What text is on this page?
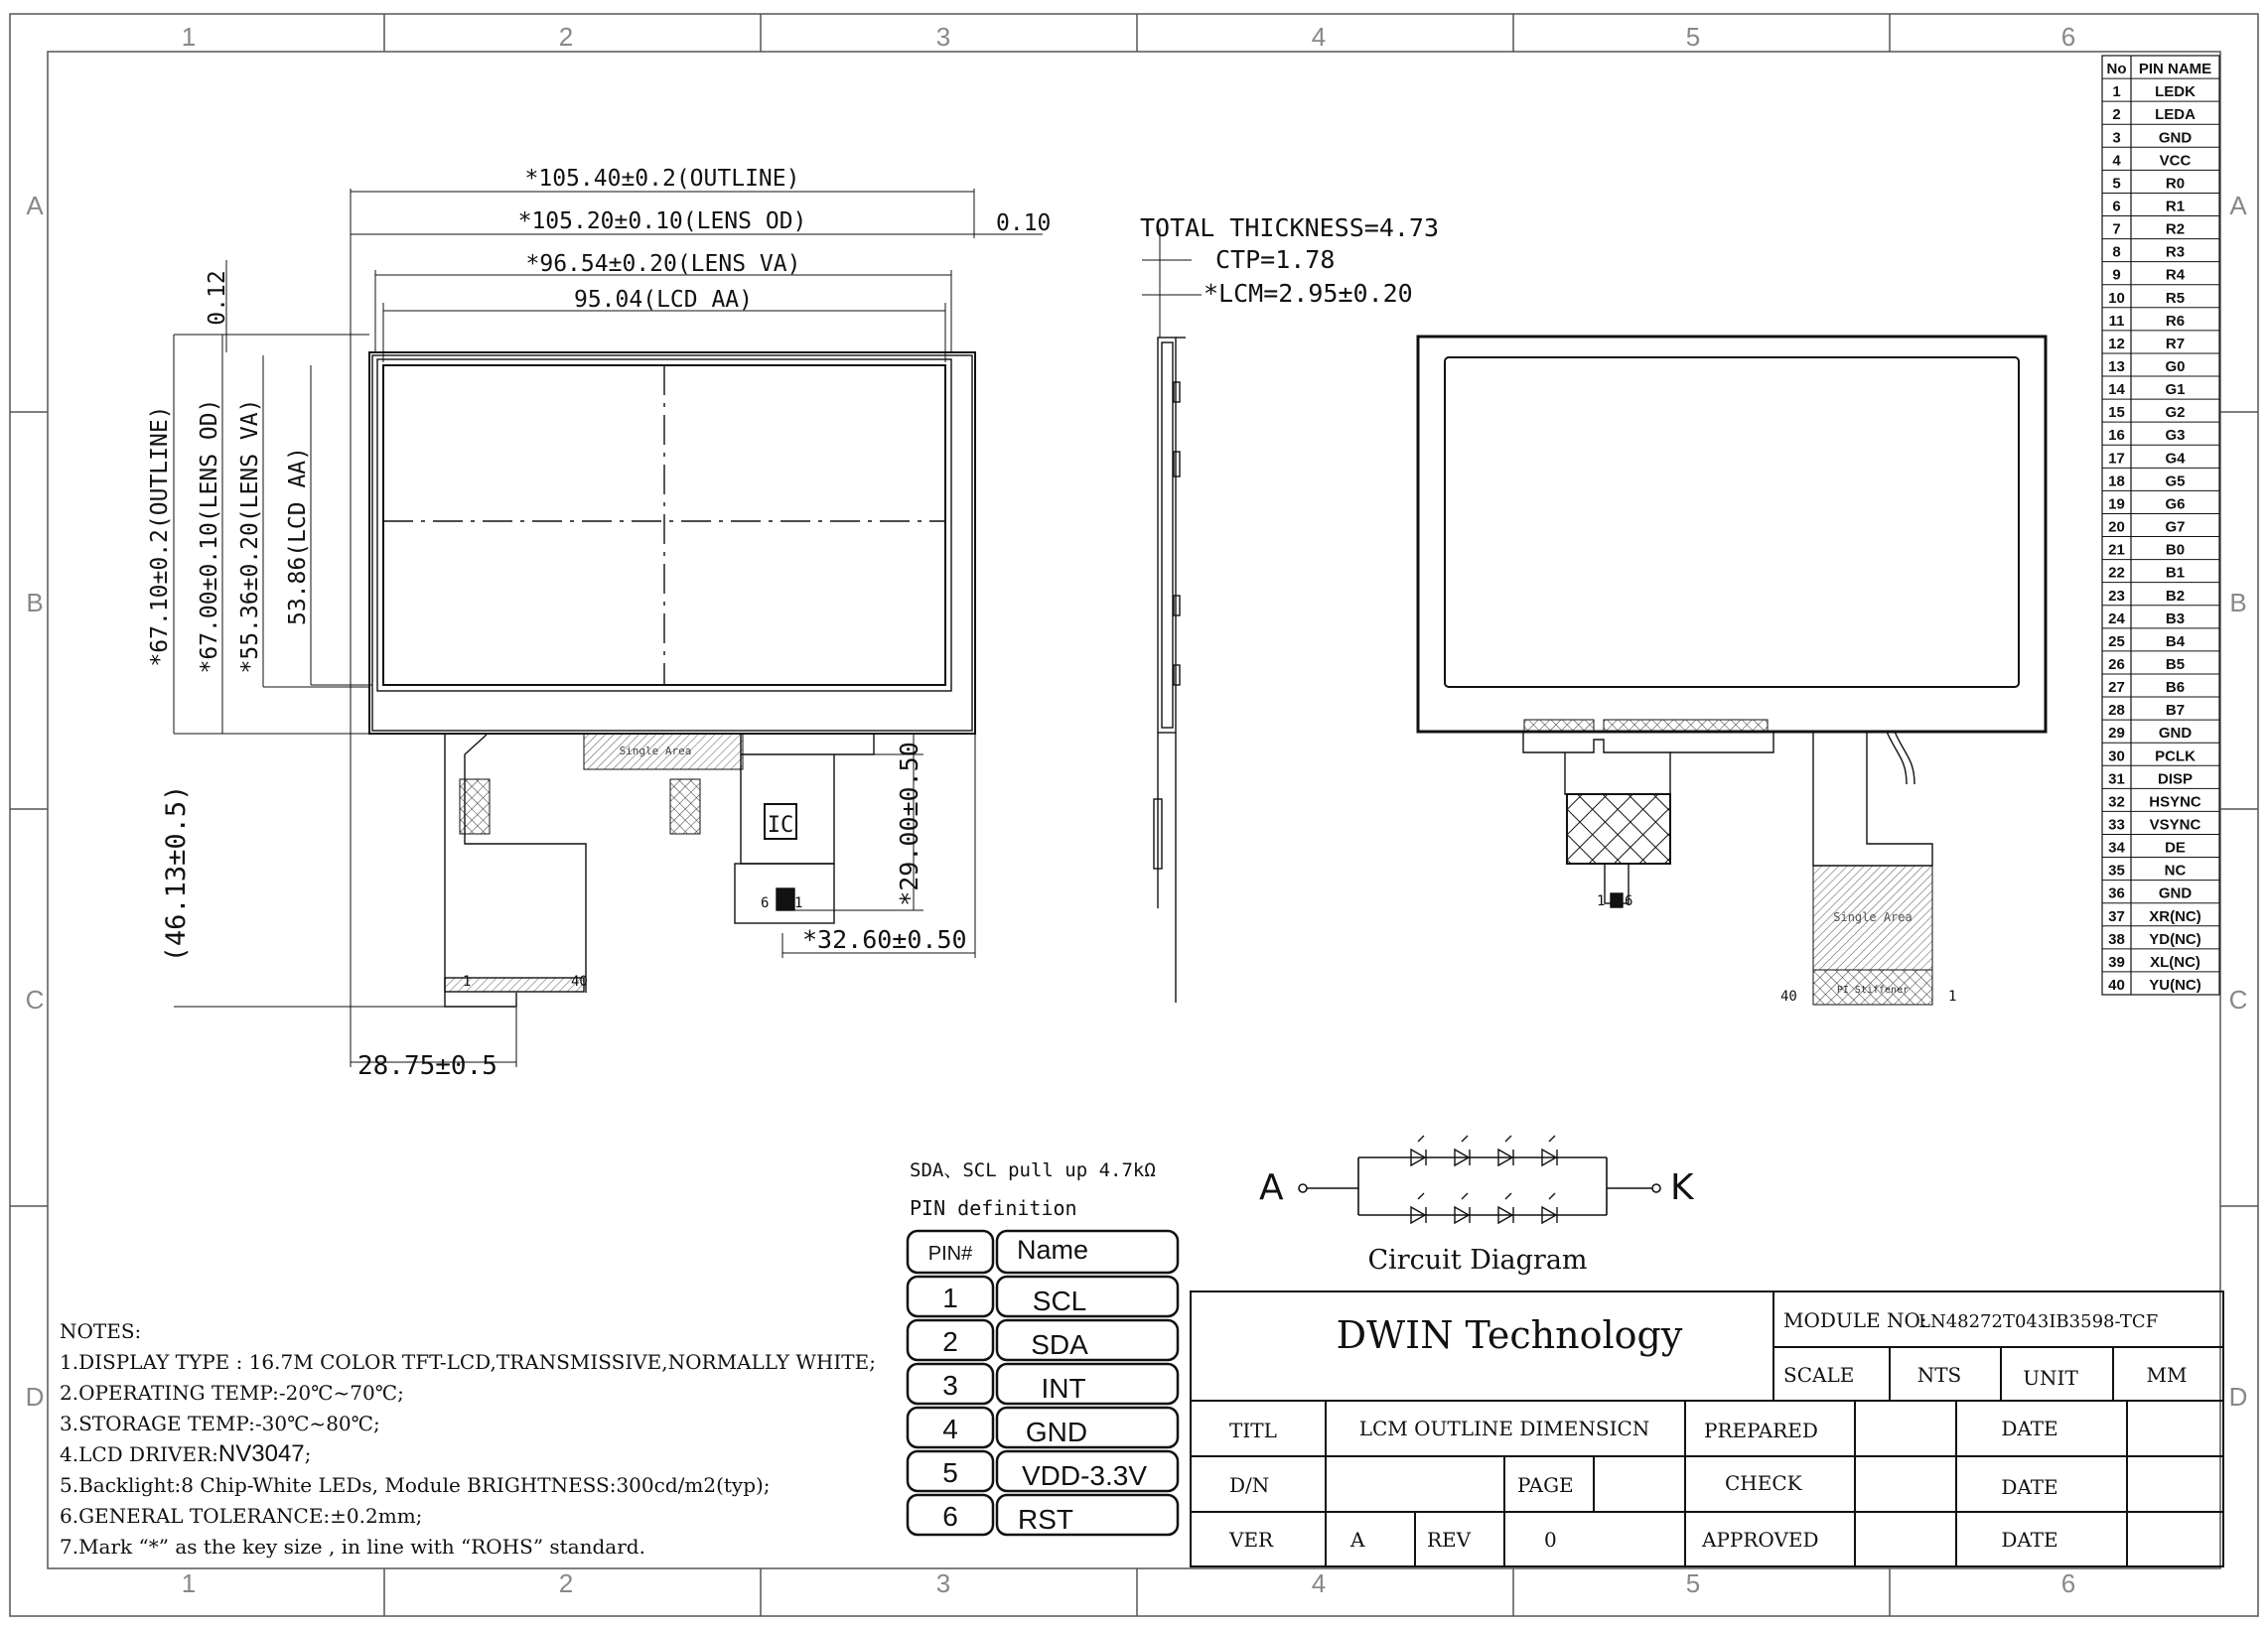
1	2	3	4	5	6
1	2	3	4	5	6
A
B
C
D
A
B
C
D
*105.40±0.2(OUTLINE)
*105.20±0.10(LENS OD)	0.10
*96.54±0.20(LENS VA)
95.04(LCD AA)
0.12
*67.10±0.2(OUTLINE) *67.00±0.10(LENS OD) *55.36±0.20(LENS VA) 53.86(LCD AA)
(46.13±0.5)
28.75±0.5
*29.00±0.50
*32.60±0.50
IC
Single Area
1	40
6 1
TOTAL THICKNESS=4.73
CTP=1.78
*LCM=2.95±0.20
Single Area
PI Stiffener
40	1
1 6
No PIN NAME
1 LEDK
2 LEDA
3	GND
4	VCC
5	R0
6	R1
7	R2
8	R3
9	R4
10	R5
11	R6
12	R7
13	G0
14	G1
15	G2
16	G3
17	G4
18	G5
19	G6
20	G7
21	B0
22	B1
23	B2
24	B3
25	B4
26	B5
27	B6
28	B7
29 GND
30 PCLK
31 DISP
32 HSYNC
33 VSYNC
34	DE
35	NC
36 GND
37 XR(NC)
38 YD(NC)
39 XL(NC)
40 YU(NC)
A	K
Circuit Diagram
SDA、SCL pull up 4.7kΩ
PIN definition
PIN# Name
1	SCL
2	SDA
3	INT
4 GND
5 VDD-3.3V
6 RST
NOTES:
1.DISPLAY TYPE : 16.7M COLOR TFT-LCD,TRANSMISSIVE,NORMALLY WHITE;
2.OPERATING TEMP:-20℃~70℃;
3.STORAGE TEMP:-30℃~80℃;
4.LCD DRIVER:NV3047;
5.Backlight:8 Chip-White LEDs, Module BRIGHTNESS:300cd/m2(typ);
6.GENERAL TOLERANCE:±0.2mm;
7.Mark “*” as the key size , in line with “ROHS” standard.
DWIN Technology	MODULE NO:
LN48272T043IB3598-TCF
SCALE	NTS	UNIT	MM
TITL	LCM OUTLINE DIMENSICN	PREPARED	DATE
D/N	PAGE	CHECK	DATE
VER	A	REV	0	APPROVED	DATE
